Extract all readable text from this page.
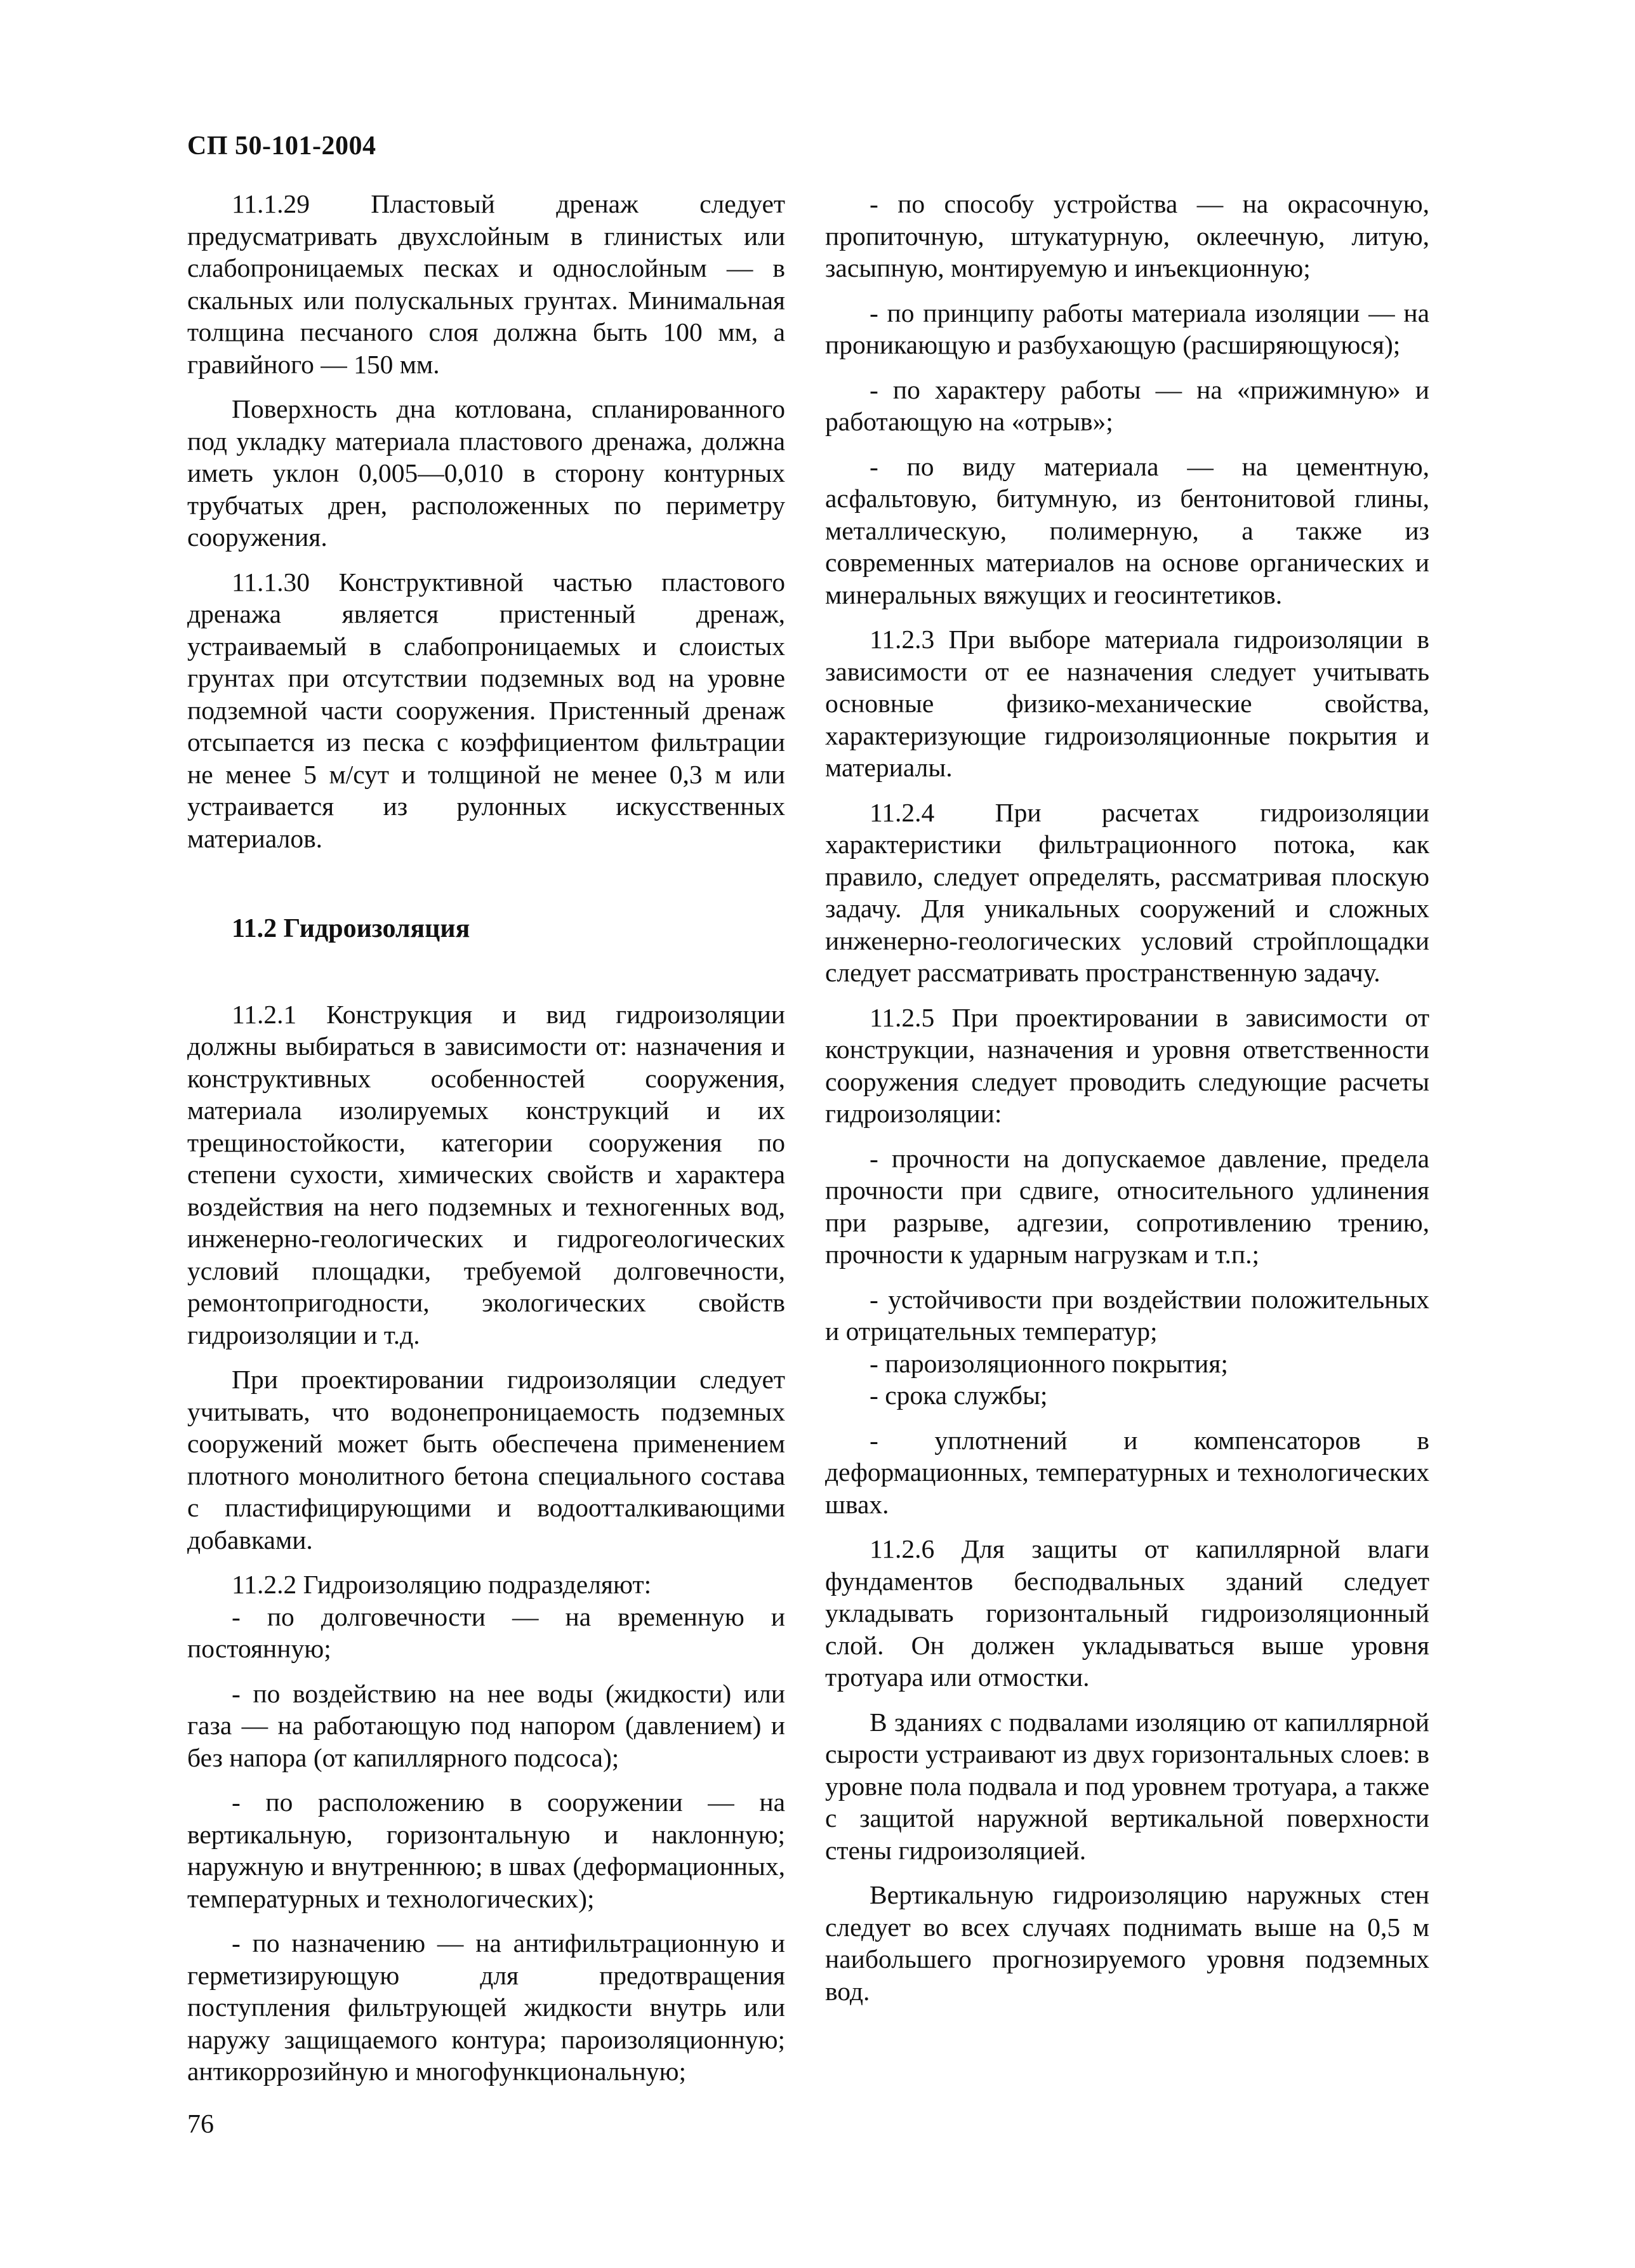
СП 50-101-2004

11.1.29 Пластовый дренаж следует предусматривать двухслойным в глинистых или слабопроницаемых песках и однослойным — в скальных или полускальных грунтах. Минимальная толщина песчаного слоя должна быть 100 мм, а гравийного — 150 мм.

Поверхность дна котлована, спланированного под укладку материала пластового дренажа, должна иметь уклон 0,005—0,010 в сторону контурных трубчатых дрен, расположенных по периметру сооружения.

11.1.30 Конструктивной частью пластового дренажа является пристенный дренаж, устраиваемый в слабопроницаемых и слоистых грунтах при отсутствии подземных вод на уровне подземной части сооружения. Пристенный дренаж отсыпается из песка с коэффициентом фильтрации не менее 5 м/сут и толщиной не менее 0,3 м или устраивается из рулонных искусственных материалов.

11.2 Гидроизоляция

11.2.1 Конструкция и вид гидроизоляции должны выбираться в зависимости от: назначения и конструктивных особенностей сооружения, материала изолируемых конструкций и их трещиностойкости, категории сооружения по степени сухости, химических свойств и характера воздействия на него подземных и техногенных вод, инженерно-геологических и гидрогеологических условий площадки, требуемой долговечности, ремонтопригодности, экологических свойств гидроизоляции и т.д.

При проектировании гидроизоляции следует учитывать, что водонепроницаемость подземных сооружений может быть обеспечена применением плотного монолитного бетона специального состава с пластифицирующими и водоотталкивающими добавками.

11.2.2 Гидроизоляцию подразделяют:

- по долговечности — на временную и постоянную;

- по воздействию на нее воды (жидкости) или газа — на работающую под напором (давлением) и без напора (от капиллярного подсоса);

- по расположению в сооружении — на вертикальную, горизонтальную и наклонную; наружную и внутреннюю; в швах (деформационных, температурных и технологических);

- по назначению — на антифильтрационную и герметизирующую для предотвращения поступления фильтрующей жидкости внутрь или наружу защищаемого контура; пароизоляционную; антикоррозийную и многофункциональную;

- по способу устройства — на окрасочную, пропиточную, штукатурную, оклеечную, литую, засыпную, монтируемую и инъекционную;

- по принципу работы материала изоляции — на проникающую и разбухающую (расширяющуюся);

- по характеру работы — на «прижимную» и работающую на «отрыв»;

- по виду материала — на цементную, асфальтовую, битумную, из бентонитовой глины, металлическую, полимерную, а также из современных материалов на основе органических и минеральных вяжущих и геосинтетиков.

11.2.3 При выборе материала гидроизоляции в зависимости от ее назначения следует учитывать основные физико-механические свойства, характеризующие гидроизоляционные покрытия и материалы.

11.2.4 При расчетах гидроизоляции характеристики фильтрационного потока, как правило, следует определять, рассматривая плоскую задачу. Для уникальных сооружений и сложных инженерно-геологических условий стройплощадки следует рассматривать пространственную задачу.

11.2.5 При проектировании в зависимости от конструкции, назначения и уровня ответственности сооружения следует проводить следующие расчеты гидроизоляции:

- прочности на допускаемое давление, предела прочности при сдвиге, относительного удлинения при разрыве, адгезии, сопротивлению трению, прочности к ударным нагрузкам и т.п.;

- устойчивости при воздействии положительных и отрицательных температур;

- пароизоляционного покрытия;

- срока службы;

- уплотнений и компенсаторов в деформационных, температурных и технологических швах.

11.2.6 Для защиты от капиллярной влаги фундаментов бесподвальных зданий следует укладывать горизонтальный гидроизоляционный слой. Он должен укладываться выше уровня тротуара или отмостки.

В зданиях с подвалами изоляцию от капиллярной сырости устраивают из двух горизонтальных слоев: в уровне пола подвала и под уровнем тротуара, а также с защитой наружной вертикальной поверхности стены гидроизоляцией.

Вертикальную гидроизоляцию наружных стен следует во всех случаях поднимать выше на 0,5 м наибольшего прогнозируемого уровня подземных вод.

76
